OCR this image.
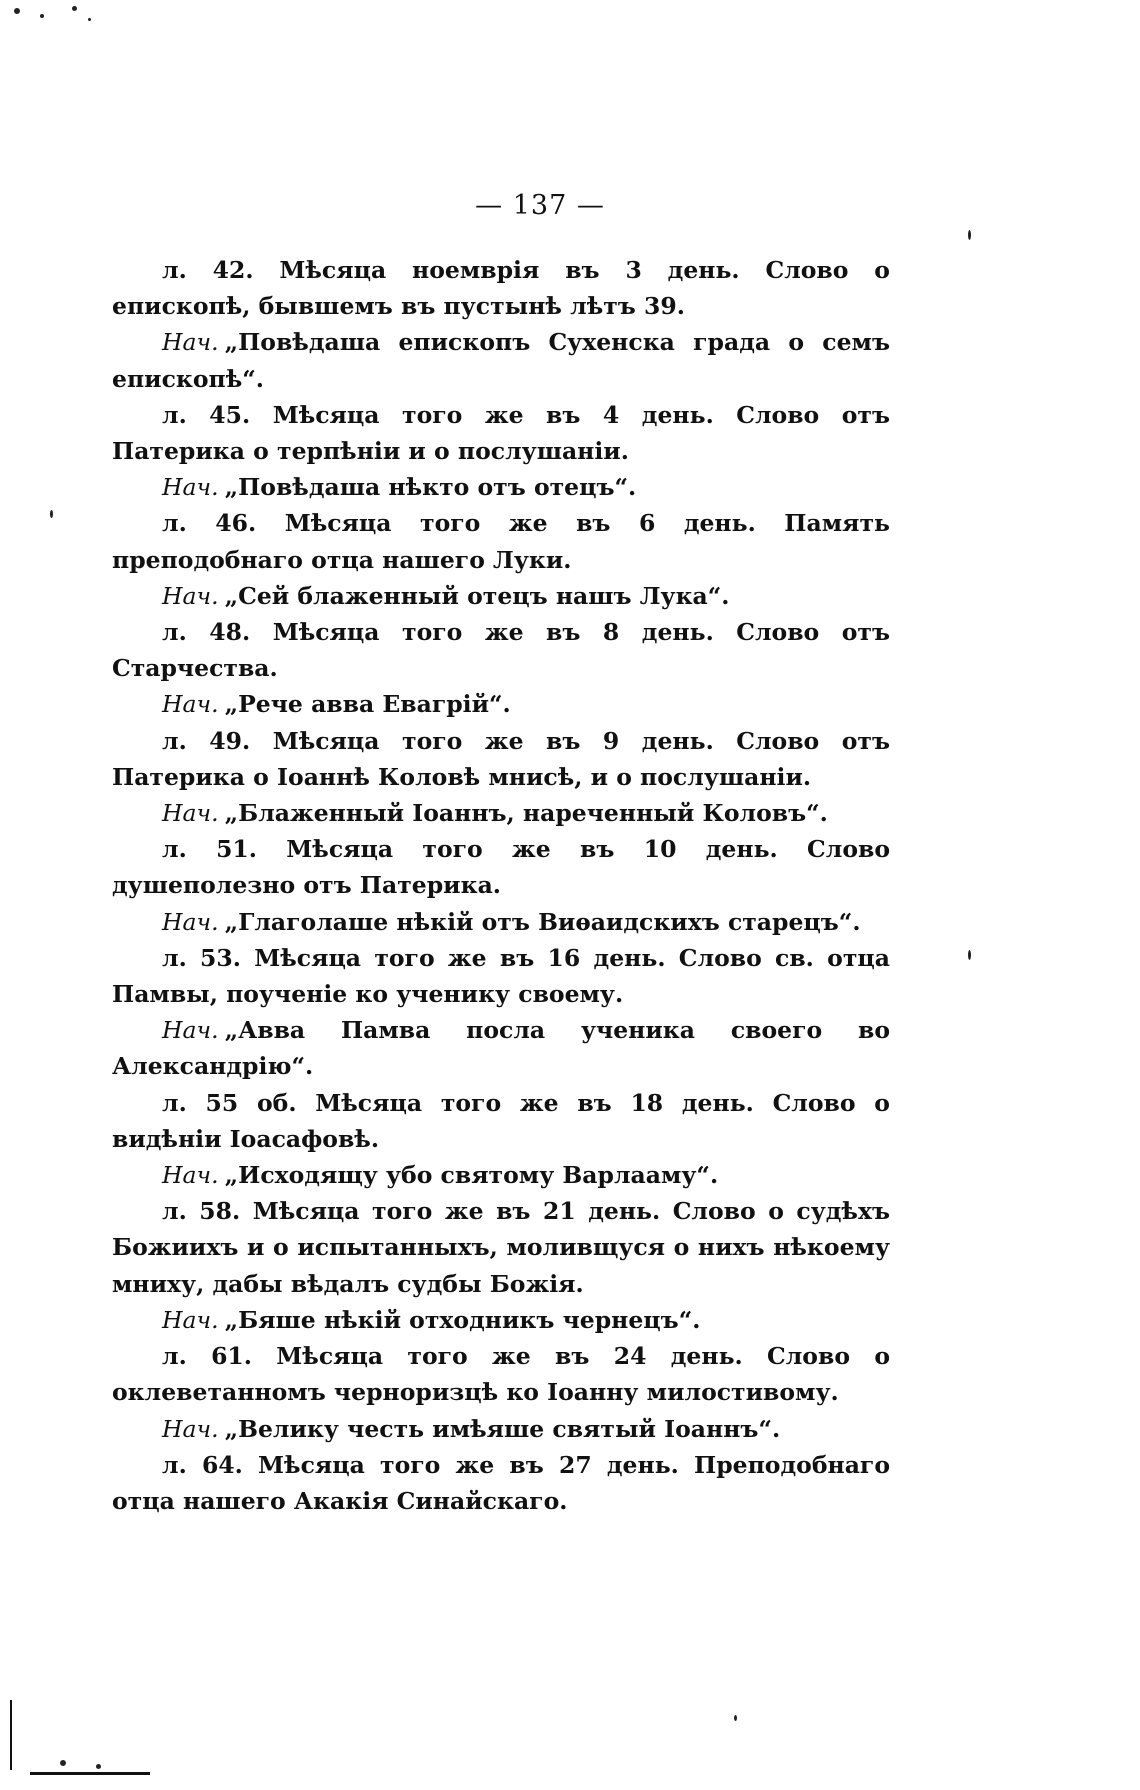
— 137 —

л. 42. Мѣсяца ноемврія въ 3 день. Слово о епископѣ, бывшемъ въ пустынѣ лѣтъ 39.

Нач. „Повѣдаша епископъ Сухенска града о семъ епископѣ“.

л. 45. Мѣсяца того же въ 4 день. Слово отъ Патерика о терпѣніи и о послушаніи.

Нач. „Повѣдаша нѣкто отъ отецъ“.

л. 46. Мѣсяца того же въ 6 день. Память преподобнаго отца нашего Луки.

Нач. „Сей блаженный отецъ нашъ Лука“.

л. 48. Мѣсяца того же въ 8 день. Слово отъ Старчества.

Нач. „Рече авва Евагрій“.

л. 49. Мѣсяца того же въ 9 день. Слово отъ Патерика о Іоаннѣ Коловѣ мнисѣ, и о послушаніи.

Нач. „Блаженный Іоаннъ, нареченный Коловъ“.

л. 51. Мѣсяца того же въ 10 день. Слово душеполезно отъ Патерика.

Нач. „Глаголаше нѣкій отъ Виѳаидскихъ старецъ“.

л. 53. Мѣсяца того же въ 16 день. Слово св. отца Памвы, поученіе ко ученику своему.

Нач. „Авва Памва посла ученика своего во Александрію“.

л. 55 об. Мѣсяца того же въ 18 день. Слово о видѣніи Іоасафовѣ.

Нач. „Исходящу убо святому Варлааму“.

л. 58. Мѣсяца того же въ 21 день. Слово о судѣхъ Божиихъ и о испытанныхъ, моливщуся о нихъ нѣкоему мниху, дабы вѣдалъ судбы Божія.

Нач. „Бяше нѣкій отходникъ чернецъ“.

л. 61. Мѣсяца того же въ 24 день. Слово о оклеветанномъ черноризцѣ ко Іоанну милостивому.

Нач. „Велику честь имѣяше святый Іоаннъ“.

л. 64. Мѣсяца того же въ 27 день. Преподобнаго отца нашего Акакія Синайскаго.
